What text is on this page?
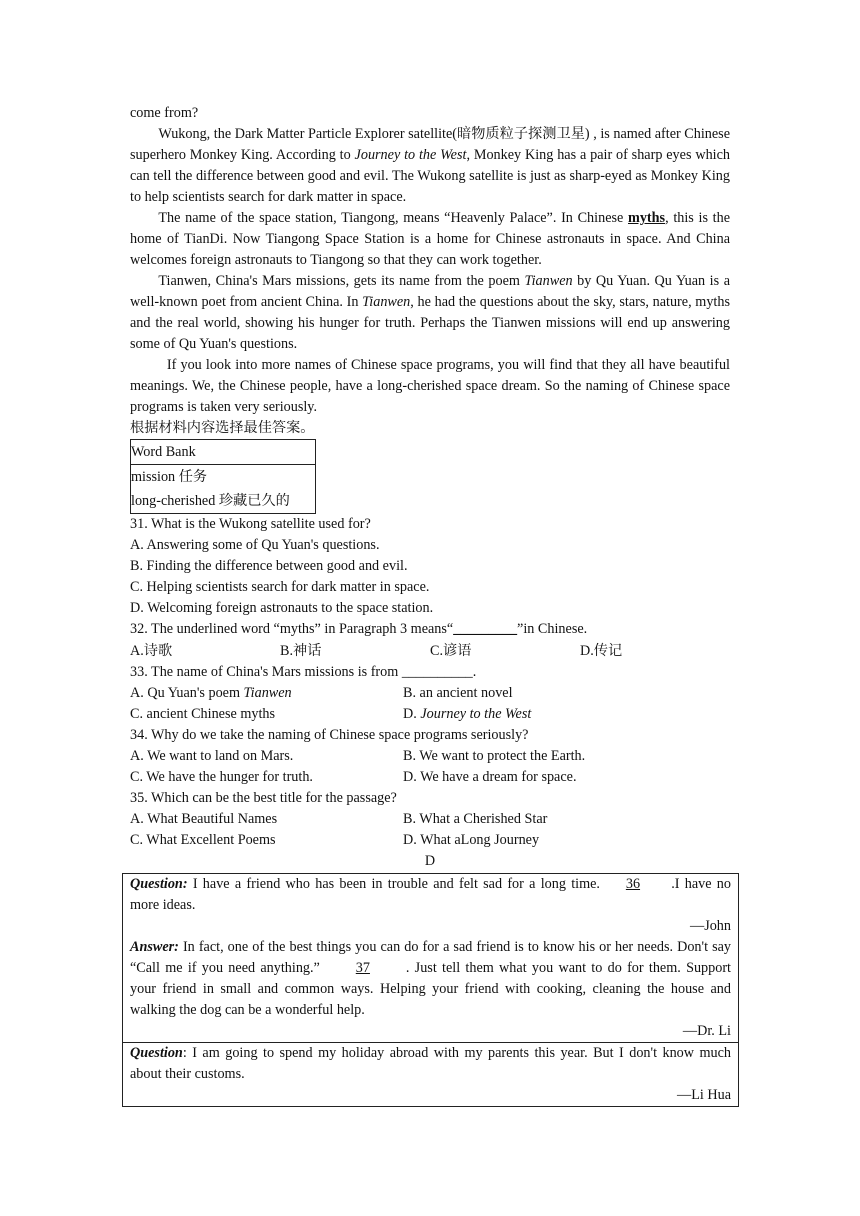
come from?
Wukong, the Dark Matter Particle Explorer satellite(暗物质粒子探测卫星) , is named after Chinese superhero Monkey King. According to Journey to the West, Monkey King has a pair of sharp eyes which can tell the difference between good and evil. The Wukong satellite is just as sharp-eyed as Monkey King to help scientists search for dark matter in space.
The name of the space station, Tiangong, means “Heavenly Palace”. In Chinese myths, this is the home of TianDi. Now Tiangong Space Station is a home for Chinese astronauts in space. And China welcomes foreign astronauts to Tiangong so that they can work together.
Tianwen, China's Mars missions, gets its name from the poem Tianwen by Qu Yuan. Qu Yuan is a well-known poet from ancient China. In Tianwen, he had the questions about the sky, stars, nature, myths and the real world, showing his hunger for truth. Perhaps the Tianwen missions will end up answering some of Qu Yuan's questions.
If you look into more names of Chinese space programs, you will find that they all have beautiful meanings. We, the Chinese people, have a long-cherished space dream. So the naming of Chinese space programs is taken very seriously.
根据材料内容选择最佳答案。
Word Bank
mission 任务
long-cherished 珍藏已久的
31. What is the Wukong satellite used for?
A. Answering some of Qu Yuan's questions.
B. Finding the difference between good and evil.
C. Helping scientists search for dark matter in space.
D. Welcoming foreign astronauts to the space station.
32. The underlined word “myths” in Paragraph 3 means“_________”in Chinese.
A.诗歌	B.神话	C.谚语	D.传记
33. The name of China's Mars missions is from __________.
A. Qu Yuan's poem Tianwen	B. an ancient novel
C. ancient Chinese myths	D. Journey to the West
34. Why do we take the naming of Chinese space programs seriously?
A. We want to land on Mars.	B. We want to protect the Earth.
C. We have the hunger for truth.	D. We have a dream for space.
35. Which can be the best title for the passage?
A. What Beautiful Names	B. What a Cherished Star
C. What Excellent Poems	D. What aLong Journey
D
Question: I have a friend who has been in trouble and felt sad for a long time. 36 .I have no more ideas.
—John
Answer: In fact, one of the best things you can do for a sad friend is to know his or her needs. Don't say “Call me if you need anything.”	37	. Just tell them what you want to do for them. Support your friend in small and common ways. Helping your friend with cooking, cleaning the house and walking the dog can be a wonderful help.
—Dr. Li
Question: I am going to spend my holiday abroad with my parents this year. But I don't know much about their customs.
—Li Hua
